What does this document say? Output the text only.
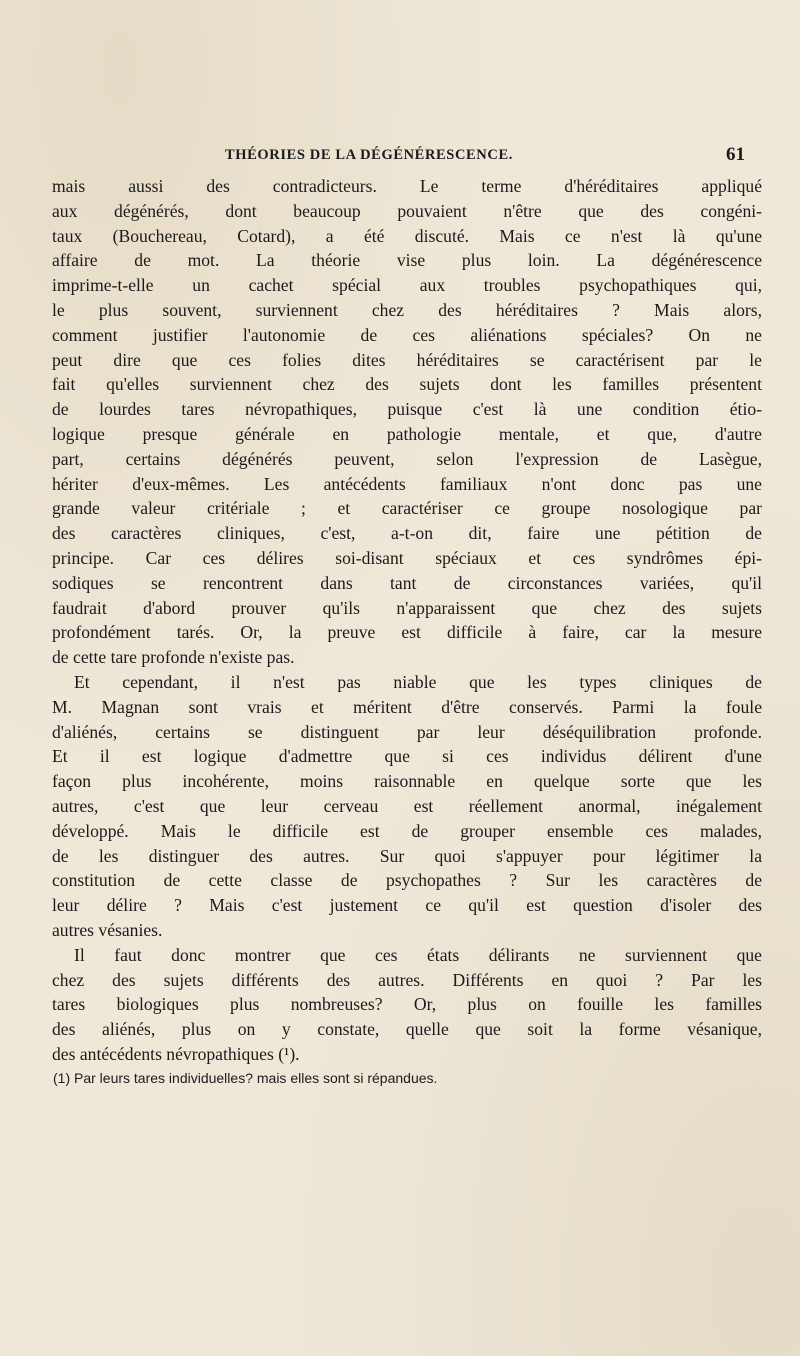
THÉORIES DE LA DÉGÉNÉRESCENCE.	61
mais aussi des contradicteurs. Le terme d'héréditaires appliqué
aux dégénérés, dont beaucoup pouvaient n'être que des congéni-
taux (Bouchereau, Cotard), a été discuté. Mais ce n'est là qu'une
affaire de mot. La théorie vise plus loin. La dégénérescence
imprime-t-elle un cachet spécial aux troubles psychopathiques qui,
le plus souvent, surviennent chez des héréditaires ? Mais alors,
comment justifier l'autonomie de ces aliénations spéciales? On ne
peut dire que ces folies dites héréditaires se caractérisent par le
fait qu'elles surviennent chez des sujets dont les familles présentent
de lourdes tares névropathiques, puisque c'est là une condition étio-
logique presque générale en pathologie mentale, et que, d'autre
part, certains dégénérés peuvent, selon l'expression de Lasègue,
hériter d'eux-mêmes. Les antécédents familiaux n'ont donc pas une
grande valeur critériale ; et caractériser ce groupe nosologique par
des caractères cliniques, c'est, a-t-on dit, faire une pétition de
principe. Car ces délires soi-disant spéciaux et ces syndrômes épi-
sodiques se rencontrent dans tant de circonstances variées, qu'il
faudrait d'abord prouver qu'ils n'apparaissent que chez des sujets
profondément tarés. Or, la preuve est difficile à faire, car la mesure
de cette tare profonde n'existe pas.
Et cependant, il n'est pas niable que les types cliniques de
M. Magnan sont vrais et méritent d'être conservés. Parmi la foule
d'aliénés, certains se distinguent par leur déséquilibration profonde.
Et il est logique d'admettre que si ces individus délirent d'une
façon plus incohérente, moins raisonnable en quelque sorte que les
autres, c'est que leur cerveau est réellement anormal, inégalement
développé. Mais le difficile est de grouper ensemble ces malades,
de les distinguer des autres. Sur quoi s'appuyer pour légitimer la
constitution de cette classe de psychopathes ? Sur les caractères de
leur délire ? Mais c'est justement ce qu'il est question d'isoler des
autres vésanies.
Il faut donc montrer que ces états délirants ne surviennent que
chez des sujets différents des autres. Différents en quoi ? Par les
tares biologiques plus nombreuses? Or, plus on fouille les familles
des aliénés, plus on y constate, quelle que soit la forme vésanique,
des antécédents névropathiques (¹).
(1) Par leurs tares individuelles? mais elles sont si répandues.
